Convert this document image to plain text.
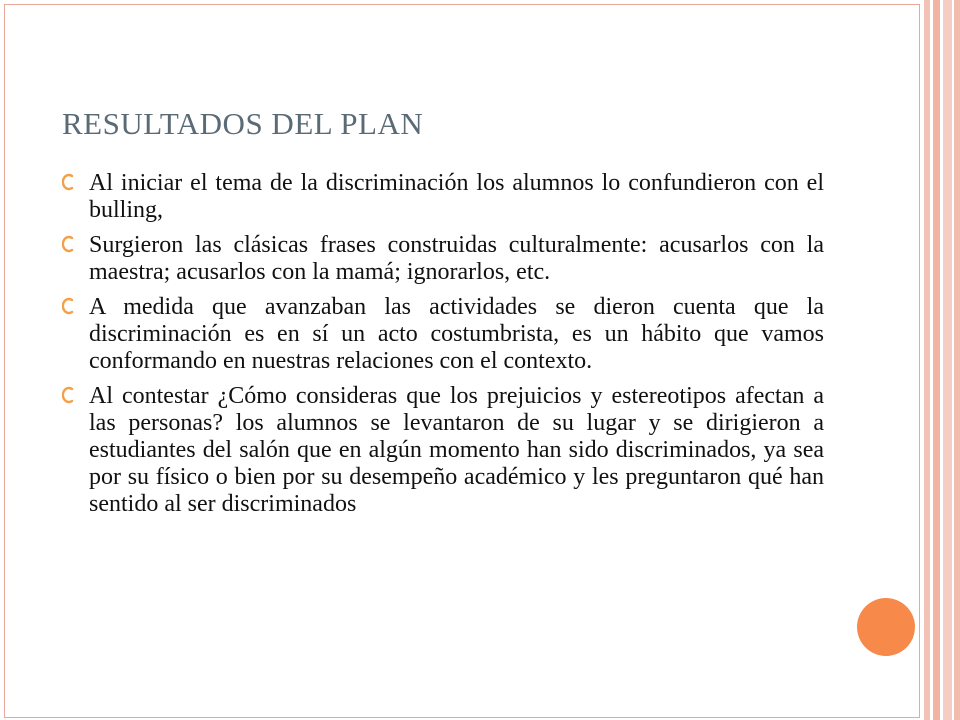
RESULTADOS DEL PLAN
Al iniciar el tema de la discriminación los alumnos lo confundieron con el bulling,
Surgieron las clásicas frases construidas culturalmente: acusarlos con la maestra; acusarlos con la mamá; ignorarlos, etc.
A medida que avanzaban las actividades se dieron cuenta que la discriminación es en sí un acto costumbrista, es un hábito que vamos conformando en nuestras relaciones con el contexto.
Al contestar ¿Cómo consideras que los prejuicios y estereotipos afectan a las personas? los alumnos se levantaron de su lugar y se dirigieron a estudiantes del salón que en algún momento han sido discriminados, ya sea por su físico o bien por su desempeño académico y les preguntaron qué han sentido al ser discriminados
